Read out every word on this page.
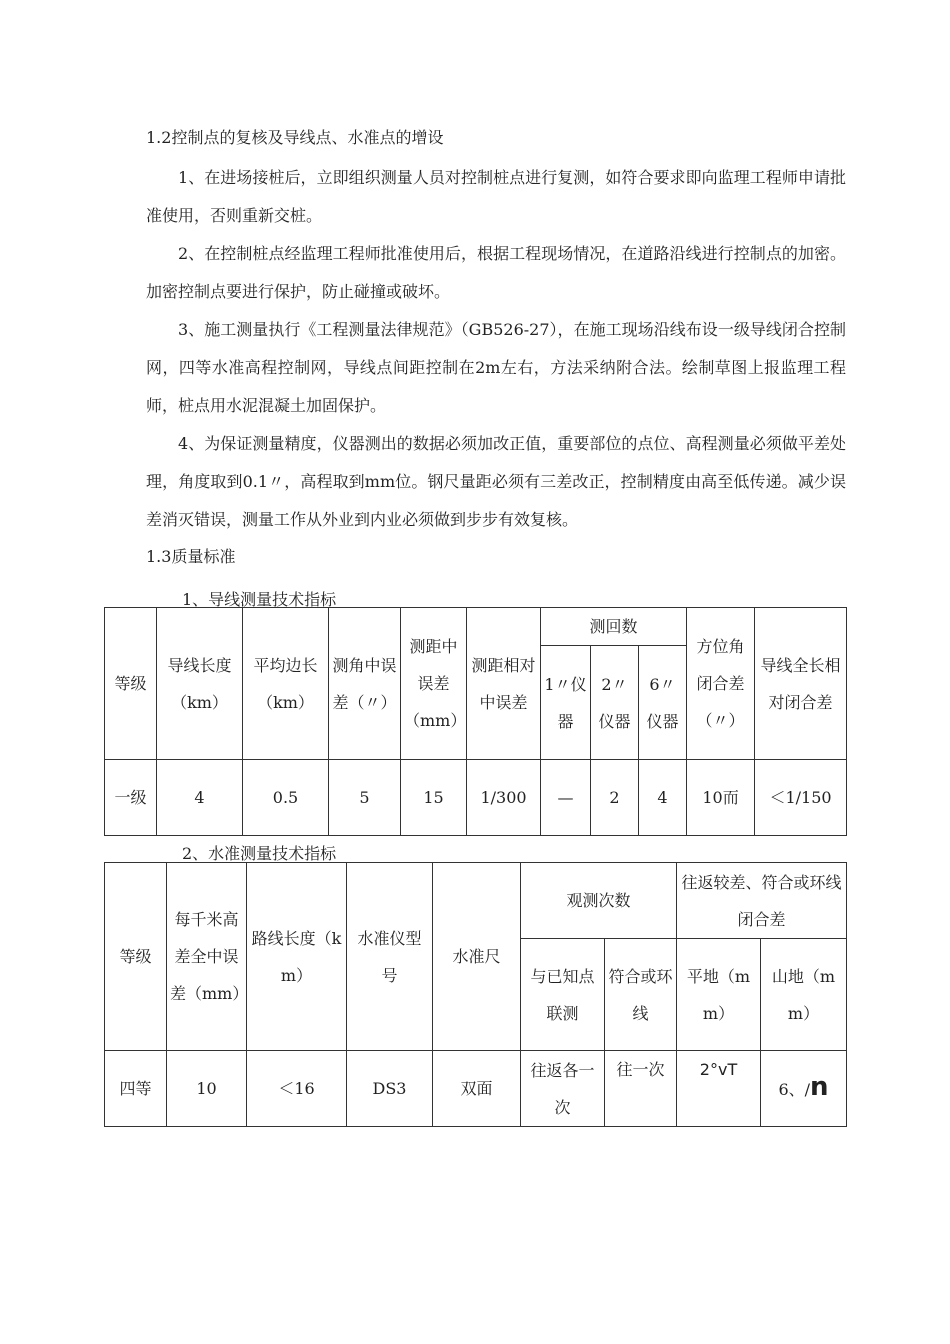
1.2控制点的复核及导线点、水准点的增设
1、在进场接桩后，立即组织测量人员对控制桩点进行复测，如符合要求即向监理工程师申请批准使用，否则重新交桩。
2、在控制桩点经监理工程师批准使用后，根据工程现场情况，在道路沿线进行控制点的加密。加密控制点要进行保护，防止碰撞或破坏。
3、施工测量执行《工程测量法律规范》（GB526-27），在施工现场沿线布设一级导线闭合控制网，四等水准高程控制网，导线点间距控制在2m左右，方法采纳附合法。绘制草图上报监理工程师，桩点用水泥混凝土加固保护。
4、为保证测量精度，仪器测出的数据必须加改正值，重要部位的点位、高程测量必须做平差处理，角度取到0.1〃，高程取到mm位。钢尺量距必须有三差改正，控制精度由高至低传递。减少误差消灭错误，测量工作从外业到内业必须做到步步有效复核。
1.3质量标准
1、导线测量技术指标
等级	导线长度（km）	平均边长（km）	测角中误差（〃）	测距中误差（mm）	测距相对中误差	测回数			方位角闭合差（〃）	导线全长相对闭合差
						1〃仪器	2〃仪器	6〃仪器		
一级	4	0.5	5	15	1/300	—	2	4	10而	＜1/150
2、水准测量技术指标
等级	每千米高差全中误差（mm）	路线长度（km）	水准仪型号	水准尺	观测次数		往返较差、符合或环线闭合差	
					与已知点联测	符合或环线	平地（mm）	山地（mm）
四等	10	＜16	DS3	双面	往返各一次	往一次	2°vT	6、/n
